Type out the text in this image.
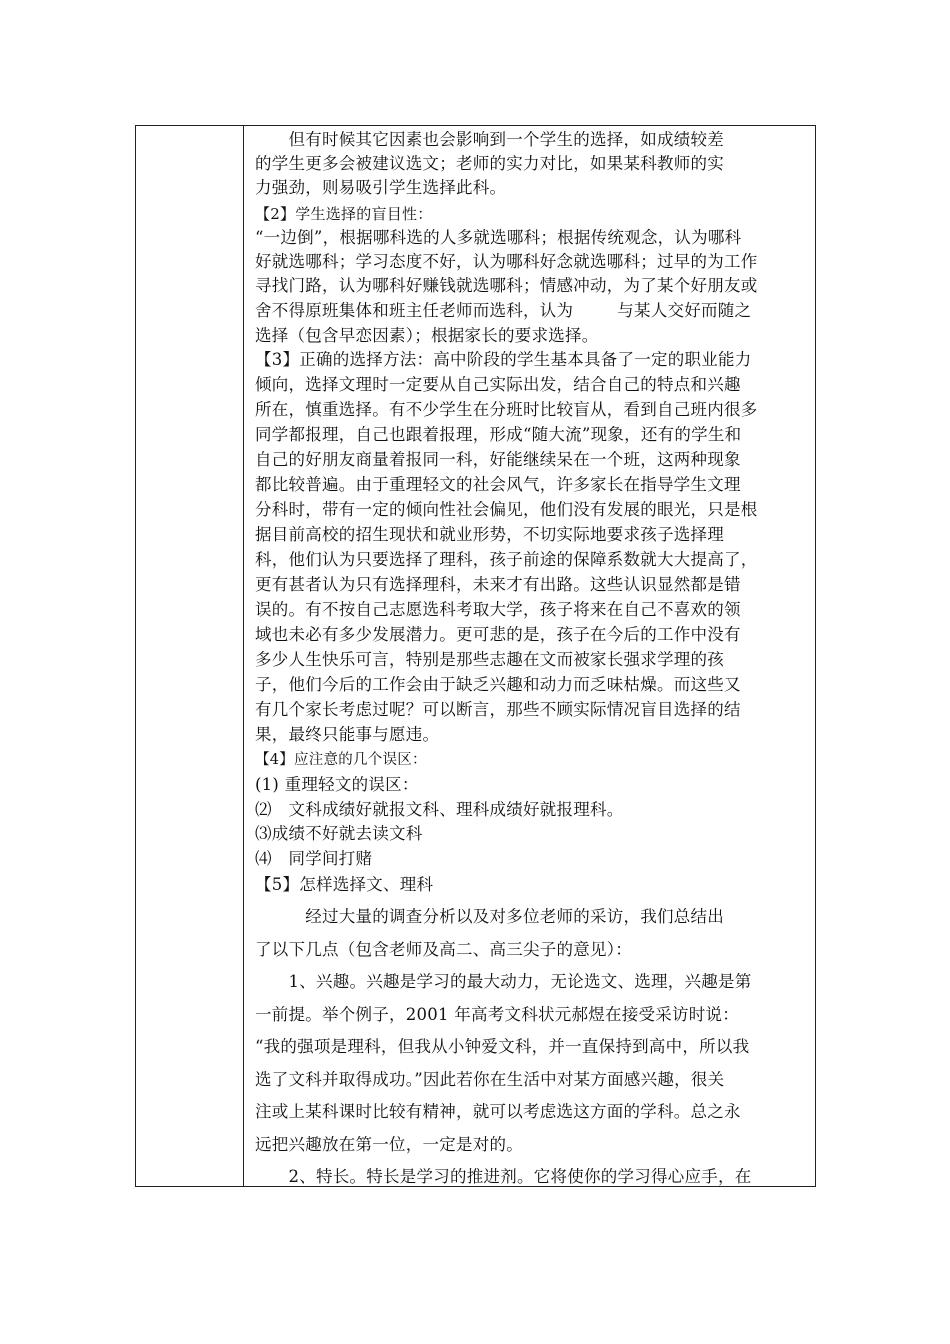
　　但有时候其它因素也会影响到一个学生的选择，如成绩较差
的学生更多会被建议选文；老师的实力对比，如果某科教师的实
力强劲，则易吸引学生选择此科。
【2】学生选择的盲目性：
“一边倒”，根据哪科选的人多就选哪科；根据传统观念，认为哪科
好就选哪科；学习态度不好，认为哪科好念就选哪科；过早的为工作
寻找门路，认为哪科好赚钱就选哪科；情感冲动，为了某个好朋友或
舍不得原班集体和班主任老师而选科，认为	与某人交好而随之
选择（包含早恋因素）；根据家长的要求选择。
【3】正确的选择方法：高中阶段的学生基本具备了一定的职业能力
倾向，选择文理时一定要从自己实际出发，结合自己的特点和兴趣
所在，慎重选择。有不少学生在分班时比较盲从，看到自己班内很多
同学都报理，自己也跟着报理，形成“随大流”现象，还有的学生和
自己的好朋友商量着报同一科，好能继续呆在一个班，这两种现象
都比较普遍。由于重理轻文的社会风气，许多家长在指导学生文理
分科时，带有一定的倾向性社会偏见，他们没有发展的眼光，只是根
据目前高校的招生现状和就业形势，不切实际地要求孩子选择理
科，他们认为只要选择了理科，孩子前途的保障系数就大大提高了，
更有甚者认为只有选择理科，未来才有出路。这些认识显然都是错
误的。有不按自己志愿选科考取大学，孩子将来在自己不喜欢的领
域也未必有多少发展潜力。更可悲的是，孩子在今后的工作中没有
多少人生快乐可言，特别是那些志趣在文而被家长强求学理的孩
子，他们今后的工作会由于缺乏兴趣和动力而乏味枯燥。而这些又
有几个家长考虑过呢？可以断言，那些不顾实际情况盲目选择的结
果，最终只能事与愿违。
【4】应注意的几个误区：
(1) 重理轻文的误区：
⑵　文科成绩好就报文科、理科成绩好就报理科。
⑶成绩不好就去读文科
⑷　同学间打赌
【5】怎样选择文、理科
　　　经过大量的调查分析以及对多位老师的采访，我们总结出
了以下几点（包含老师及高二、高三尖子的意见）：
　　1、兴趣。兴趣是学习的最大动力，无论选文、选理，兴趣是第
一前提。举个例子，2001 年高考文科状元郝煜在接受采访时说：
“我的强项是理科，但我从小钟爱文科，并一直保持到高中，所以我
选了文科并取得成功。”因此若你在生活中对某方面感兴趣，很关
注或上某科课时比较有精神，就可以考虑选这方面的学科。总之永
远把兴趣放在第一位，一定是对的。
　　2、特长。特长是学习的推进剂。它将使你的学习得心应手，在
